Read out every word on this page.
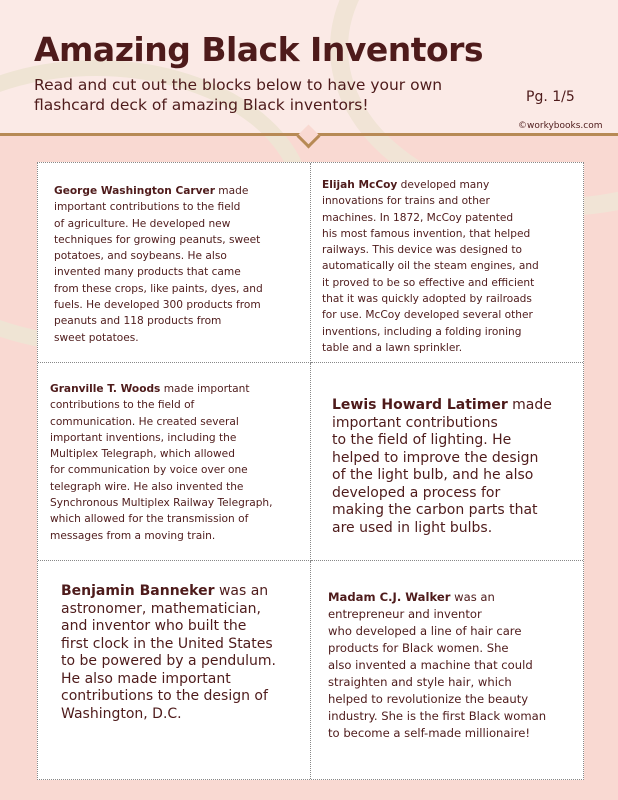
Amazing Black Inventors
Read and cut out the blocks below to have your own
flashcard deck of amazing Black inventors!	Pg. 1/5
©workybooks.com
George Washington Carver made
important contributions to the field
of agriculture. He developed new
techniques for growing peanuts, sweet
potatoes, and soybeans. He also
invented many products that came
from these crops, like paints, dyes, and
fuels. He developed 300 products from
peanuts and 118 products from
sweet potatoes.
Elijah McCoy developed many
innovations for trains and other
machines. In 1872, McCoy patented
his most famous invention, that helped
railways. This device was designed to
automatically oil the steam engines, and
it proved to be so effective and efficient
that it was quickly adopted by railroads
for use. McCoy developed several other
inventions, including a folding ironing
table and a lawn sprinkler.
Granville T. Woods made important
contributions to the field of
communication. He created several
important inventions, including the
Multiplex Telegraph, which allowed
for communication by voice over one
telegraph wire. He also invented the
Synchronous Multiplex Railway Telegraph,
which allowed for the transmission of
messages from a moving train.
Lewis Howard Latimer made
important contributions
to the field of lighting. He
helped to improve the design
of the light bulb, and he also
developed a process for
making the carbon parts that
are used in light bulbs.
Benjamin Banneker was an
astronomer, mathematician,
and inventor who built the
first clock in the United States
to be powered by a pendulum.
He also made important
contributions to the design of
Washington, D.C.
Madam C.J. Walker was an
entrepreneur and inventor
who developed a line of hair care
products for Black women. She
also invented a machine that could
straighten and style hair, which
helped to revolutionize the beauty
industry. She is the first Black woman
to become a self-made millionaire!
